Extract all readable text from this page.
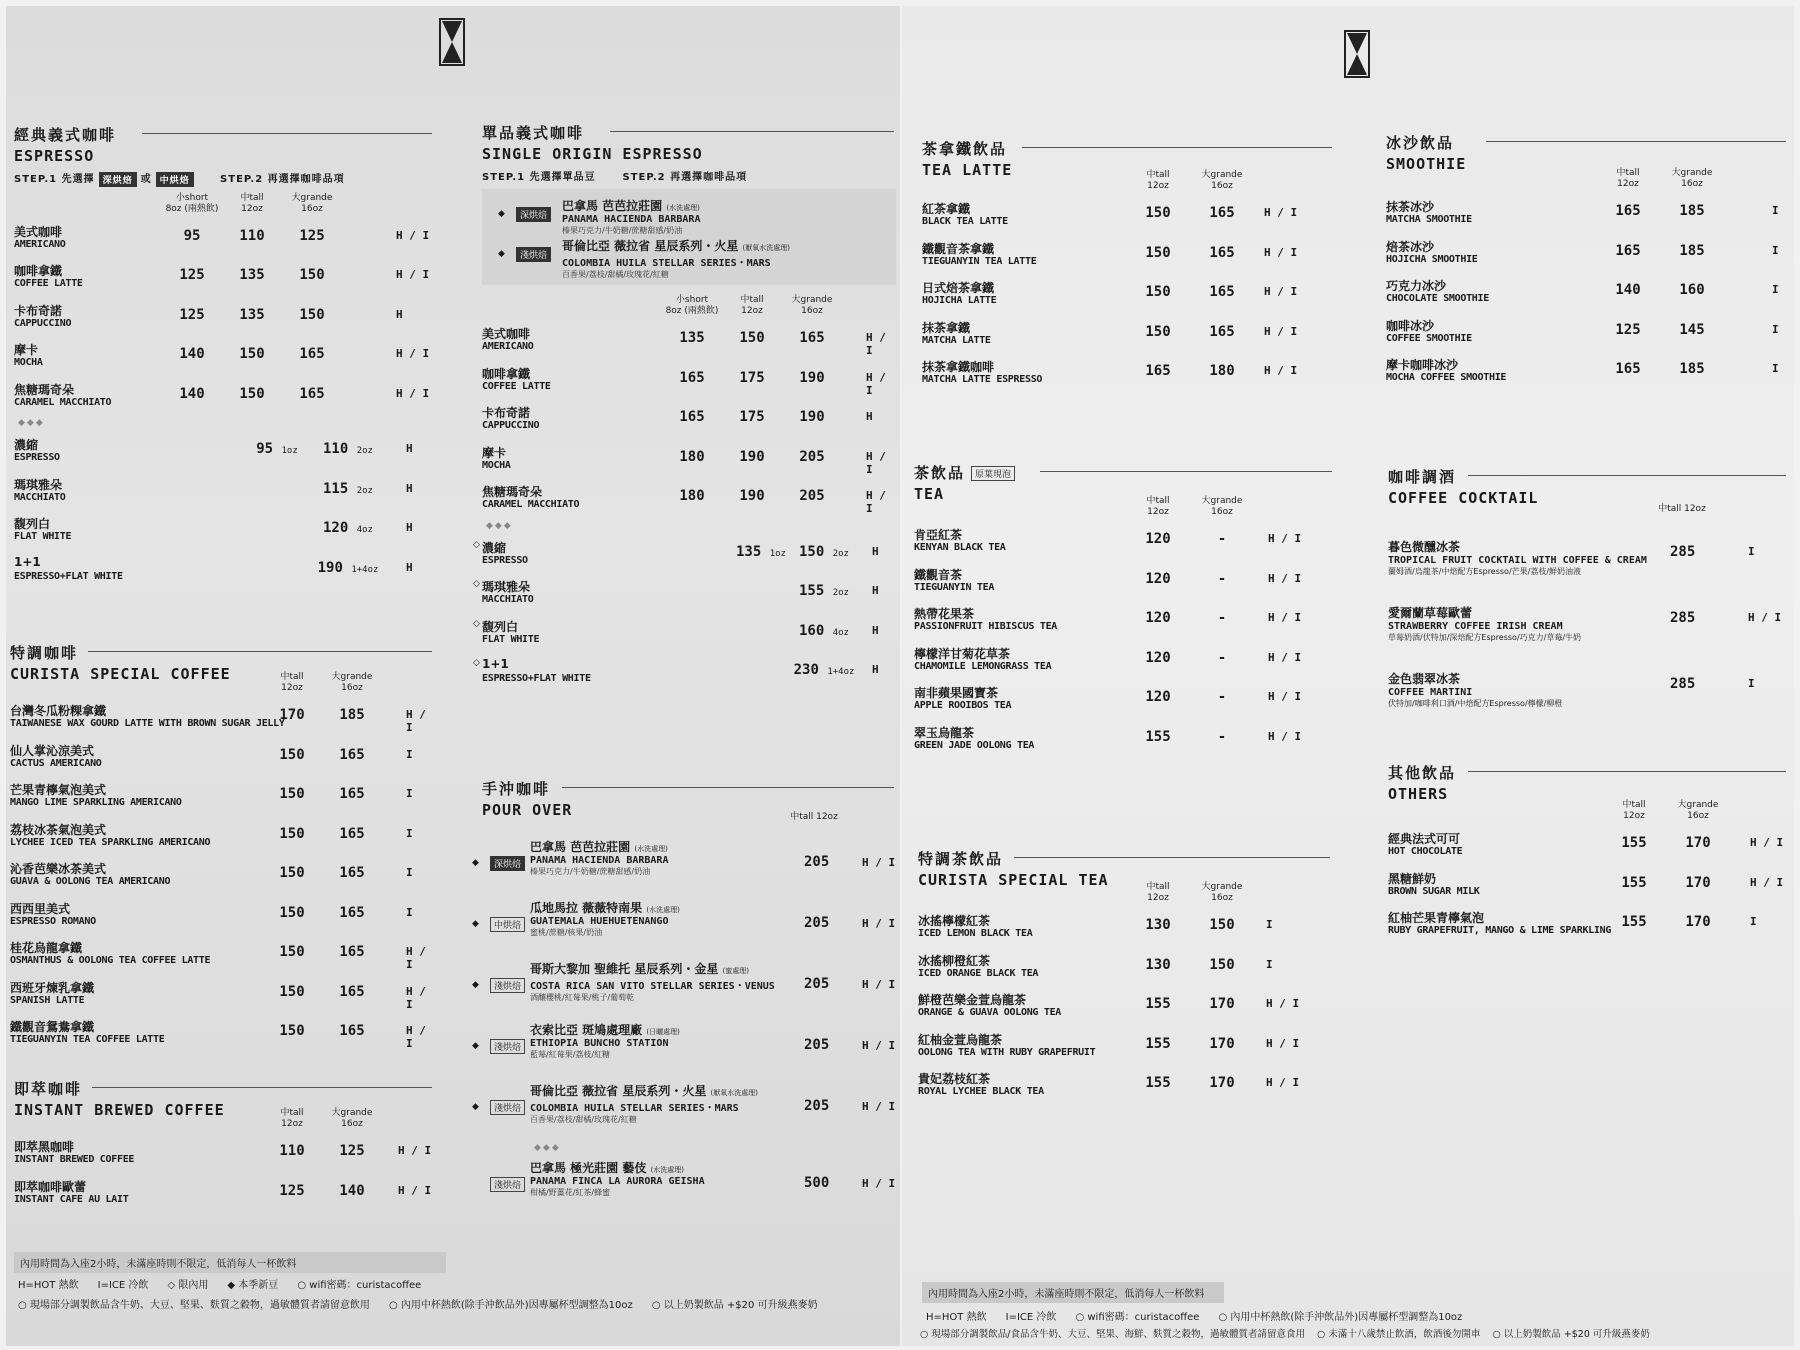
經典義式咖啡
ESPRESSO
STEP.1 先選擇 深烘焙 或 中烘焙	STEP.2 再選擇咖啡品項
小short
8oz (兩熱飲)
中tall
12oz
大grande
16oz
美式咖啡
AMERICANO
95	110	125	H / I
咖啡拿鐵
COFFEE LATTE
125	135	150	H / I
卡布奇諾
CAPPUCCINO
125	135	150	H
摩卡
MOCHA
140	150	165	H / I
焦糖瑪奇朵
CARAMEL MACCHIATO
140	150	165	H / I
◆◆◆
濃縮
ESPRESSO
95 1oz	110 2oz	H
瑪琪雅朵
MACCHIATO
115 2oz	H
馥列白
FLAT WHITE
120 4oz	H
1+1
ESPRESSO+FLAT WHITE
190 1+4oz	H
特調咖啡
CURISTA SPECIAL COFFEE	中tall
12oz
大grande
16oz
台灣冬瓜粉粿拿鐵
TAIWANESE WAX GOURD LATTE WITH BROWN SUGAR JELLY
170	185	H / I
仙人掌沁涼美式
CACTUS AMERICANO
150	165	I
芒果青檸氣泡美式
MANGO LIME SPARKLING AMERICANO
150	165	I
荔枝冰茶氣泡美式
LYCHEE ICED TEA SPARKLING AMERICANO
150	165	I
沁香芭樂冰茶美式
GUAVA & OOLONG TEA AMERICANO
150	165	I
西西里美式
ESPRESSO ROMANO
150	165	I
桂花烏龍拿鐵
OSMANTHUS & OOLONG TEA COFFEE LATTE
150	165	H / I
西班牙煉乳拿鐵
SPANISH LATTE
150	165	H / I
鐵觀音鴛鴦拿鐵
TIEGUANYIN TEA COFFEE LATTE
150	165	H / I
即萃咖啡
INSTANT BREWED COFFEE	中tall
12oz
大grande
16oz
即萃黑咖啡
INSTANT BREWED COFFEE
110	125	H / I
即萃咖啡歐蕾
INSTANT CAFE AU LAIT
125	140	H / I
單品義式咖啡
SINGLE ORIGIN ESPRESSO
STEP.1 先選擇單品豆	STEP.2 再選擇咖啡品項
◆	深烘焙
巴拿馬 芭芭拉莊園 (水洗處理)
PANAMA HACIENDA BARBARA
榛果巧克力/牛奶糖/蔗糖甜感/奶油
◆	淺烘焙
哥倫比亞 薇拉省 星辰系列・火星 (厭氧水洗處理)
COLOMBIA HUILA STELLAR SERIES・MARS
百香果/荔枝/甜橘/玫瑰花/紅糖
小short
8oz (兩熱飲)
中tall
12oz
大grande
16oz
美式咖啡
AMERICANO
135	150	165	H / I
咖啡拿鐵
COFFEE LATTE
165	175	190	H / I
卡布奇諾
CAPPUCCINO
165	175	190	H
摩卡
MOCHA
180	190	205	H / I
焦糖瑪奇朵
CARAMEL MACCHIATO
180	190	205	H / I
◆◆◆
◇ 濃縮
ESPRESSO
135 1oz 150 2oz	H
◇ 瑪琪雅朵
MACCHIATO
155 2oz	H
◇ 馥列白
FLAT WHITE
160 4oz	H
◇ 1+1
ESPRESSO+FLAT WHITE
230 1+4oz	H
手沖咖啡
POUR OVER	中tall 12oz
◆	深烘焙
巴拿馬 芭芭拉莊園 (水洗處理)
PANAMA HACIENDA BARBARA
榛果巧克力/牛奶糖/蔗糖甜感/奶油
205	H / I
◆	中烘焙
瓜地馬拉 薇薇特南果 (水洗處理)
GUATEMALA HUEHUETENANGO
蜜桃/蔗糖/核果/奶油
205	H / I
◆	淺烘焙
哥斯大黎加 聖維托 星辰系列・金星 (蜜處理)
COSTA RICA SAN VITO STELLAR SERIES・VENUS
酒釀櫻桃/紅莓果/桃子/葡萄乾
205	H / I
◆	淺烘焙
衣索比亞 斑鳩處理廠 (日曬處理)
ETHIOPIA BUNCHO STATION
藍莓/紅莓果/荔枝/紅糖
205	H / I
◆	淺烘焙
哥倫比亞 薇拉省 星辰系列・火星 (厭氧水洗處理)
COLOMBIA HUILA STELLAR SERIES・MARS
百香果/荔枝/甜橘/玫瑰花/紅糖
205	H / I
◆◆◆
淺烘焙
巴拿馬 極光莊園 藝伎 (水洗處理)
PANAMA FINCA LA AURORA GEISHA
柑橘/野薑花/紅茶/蜂蜜
500	H / I
內用時間為入座2小時，未滿座時則不限定，低消每人一杯飲料
H=HOT 熱飲      I=ICE 冷飲      ◇ 限內用      ◆ 本季新豆      ○ wifi密碼：curistacoffee
○ 現場部分調製飲品含牛奶、大豆、堅果、麩質之穀物，過敏體質者請留意飲用      ○ 內用中杯熱飲(除手沖飲品外)因專屬杯型調整為10oz      ○ 以上奶製飲品 +$20 可升級燕麥奶
茶拿鐵飲品
TEA LATTE	中tall
12oz
大grande
16oz
紅茶拿鐵
BLACK TEA LATTE
150	165	H / I
鐵觀音茶拿鐵
TIEGUANYIN TEA LATTE
150	165	H / I
日式焙茶拿鐵
HOJICHA LATTE
150	165	H / I
抹茶拿鐵
MATCHA LATTE
150	165	H / I
抹茶拿鐵咖啡
MATCHA LATTE ESPRESSO
165	180	H / I
茶飲品 原葉現泡
TEA	中tall
12oz
大grande
16oz
肯亞紅茶
KENYAN BLACK TEA
120	-	H / I
鐵觀音茶
TIEGUANYIN TEA
120	-	H / I
熱帶花果茶
PASSIONFRUIT HIBISCUS TEA
120	-	H / I
檸檬洋甘菊花草茶
CHAMOMILE LEMONGRASS TEA
120	-	H / I
南非蘋果國寶茶
APPLE ROOIBOS TEA
120	-	H / I
翠玉烏龍茶
GREEN JADE OOLONG TEA
155	-	H / I
特調茶飲品
CURISTA SPECIAL TEA	中tall
12oz
大grande
16oz
冰搖檸檬紅茶
ICED LEMON BLACK TEA
130	150	I
冰搖柳橙紅茶
ICED ORANGE BLACK TEA
130	150	I
鮮橙芭樂金萱烏龍茶
ORANGE & GUAVA OOLONG TEA
155	170	H / I
紅柚金萱烏龍茶
OOLONG TEA WITH RUBY GRAPEFRUIT
155	170	H / I
貴妃荔枝紅茶
ROYAL LYCHEE BLACK TEA
155	170	H / I
冰沙飲品
SMOOTHIE	中tall
12oz
大grande
16oz
抹茶冰沙
MATCHA SMOOTHIE
165	185	I
焙茶冰沙
HOJICHA SMOOTHIE
165	185	I
巧克力冰沙
CHOCOLATE SMOOTHIE
140	160	I
咖啡冰沙
COFFEE SMOOTHIE
125	145	I
摩卡咖啡冰沙
MOCHA COFFEE SMOOTHIE
165	185	I
咖啡調酒
COFFEE COCKTAIL
中tall 12oz
暮色微醺冰茶
TROPICAL FRUIT COCKTAIL WITH COFFEE & CREAM
蘭姆酒/烏龍茶/中焙配方Espresso/芒果/荔枝/鮮奶油液
285	I
愛爾蘭草莓歐蕾
STRAWBERRY COFFEE IRISH CREAM
草莓奶酒/伏特加/深焙配方Espresso/巧克力/草莓/牛奶
285	H / I
金色翡翠冰茶
COFFEE MARTINI
伏特加/咖啡利口酒/中焙配方Espresso/檸檬/柳橙
285	I
其他飲品
OTHERS
中tall
12oz
大grande
16oz
經典法式可可
HOT CHOCOLATE
155	170	H / I
黑糖鮮奶
BROWN SUGAR MILK
155	170	H / I
紅柚芒果青檸氣泡
RUBY GRAPEFRUIT, MANGO & LIME SPARKLING
155	170	I
內用時間為入座2小時，未滿座時則不限定，低消每人一杯飲料
H=HOT 熱飲      I=ICE 冷飲      ○ wifi密碼：curistacoffee      ○ 內用中杯熱飲(除手沖飲品外)因專屬杯型調整為10oz
○ 現場部分調製飲品/食品含牛奶、大豆、堅果、海鮮、麩質之穀物，過敏體質者請留意食用    ○ 未滿十八歲禁止飲酒，飲酒後勿開車    ○ 以上奶製飲品 +$20 可升級燕麥奶
